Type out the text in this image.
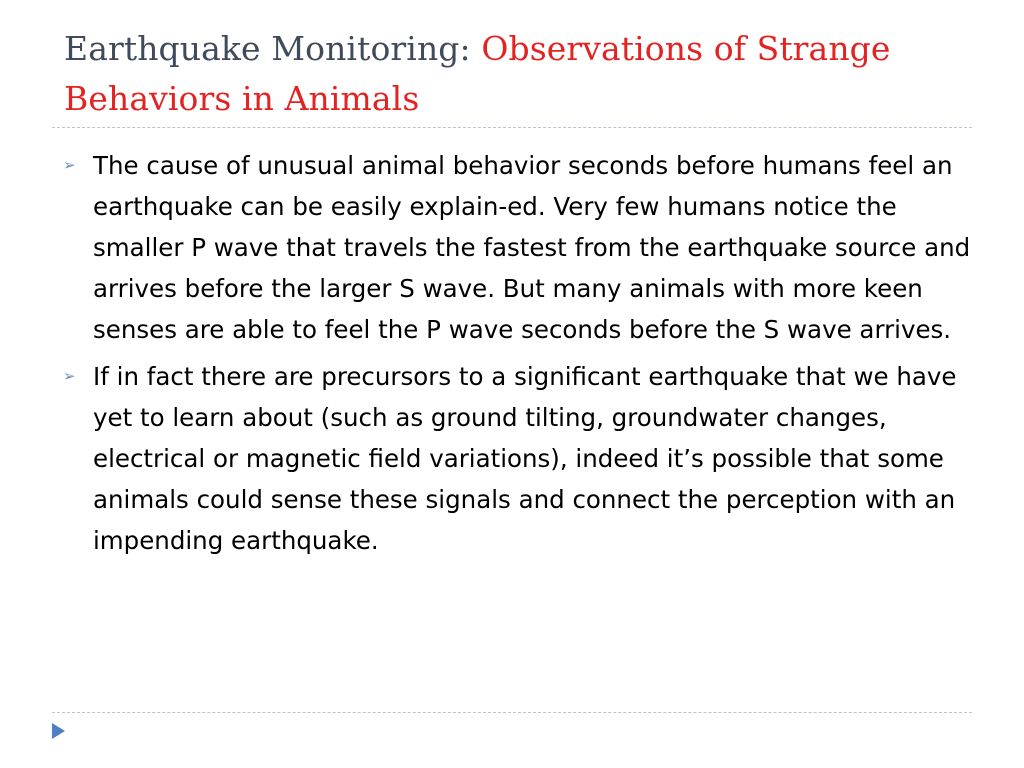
Earthquake Monitoring: Observations of Strange Behaviors in Animals
➢ The cause of unusual animal behavior seconds before humans feel an earthquake can be easily explain-ed. Very few humans notice the smaller P wave that travels the fastest from the earthquake source and arrives before the larger S wave. But many animals with more keen senses are able to feel the P wave seconds before the S wave arrives.
➢ If in fact there are precursors to a significant earthquake that we have yet to learn about (such as ground tilting, groundwater changes, electrical or magnetic field variations), indeed it’s possible that some animals could sense these signals and connect the perception with an impending earthquake.
